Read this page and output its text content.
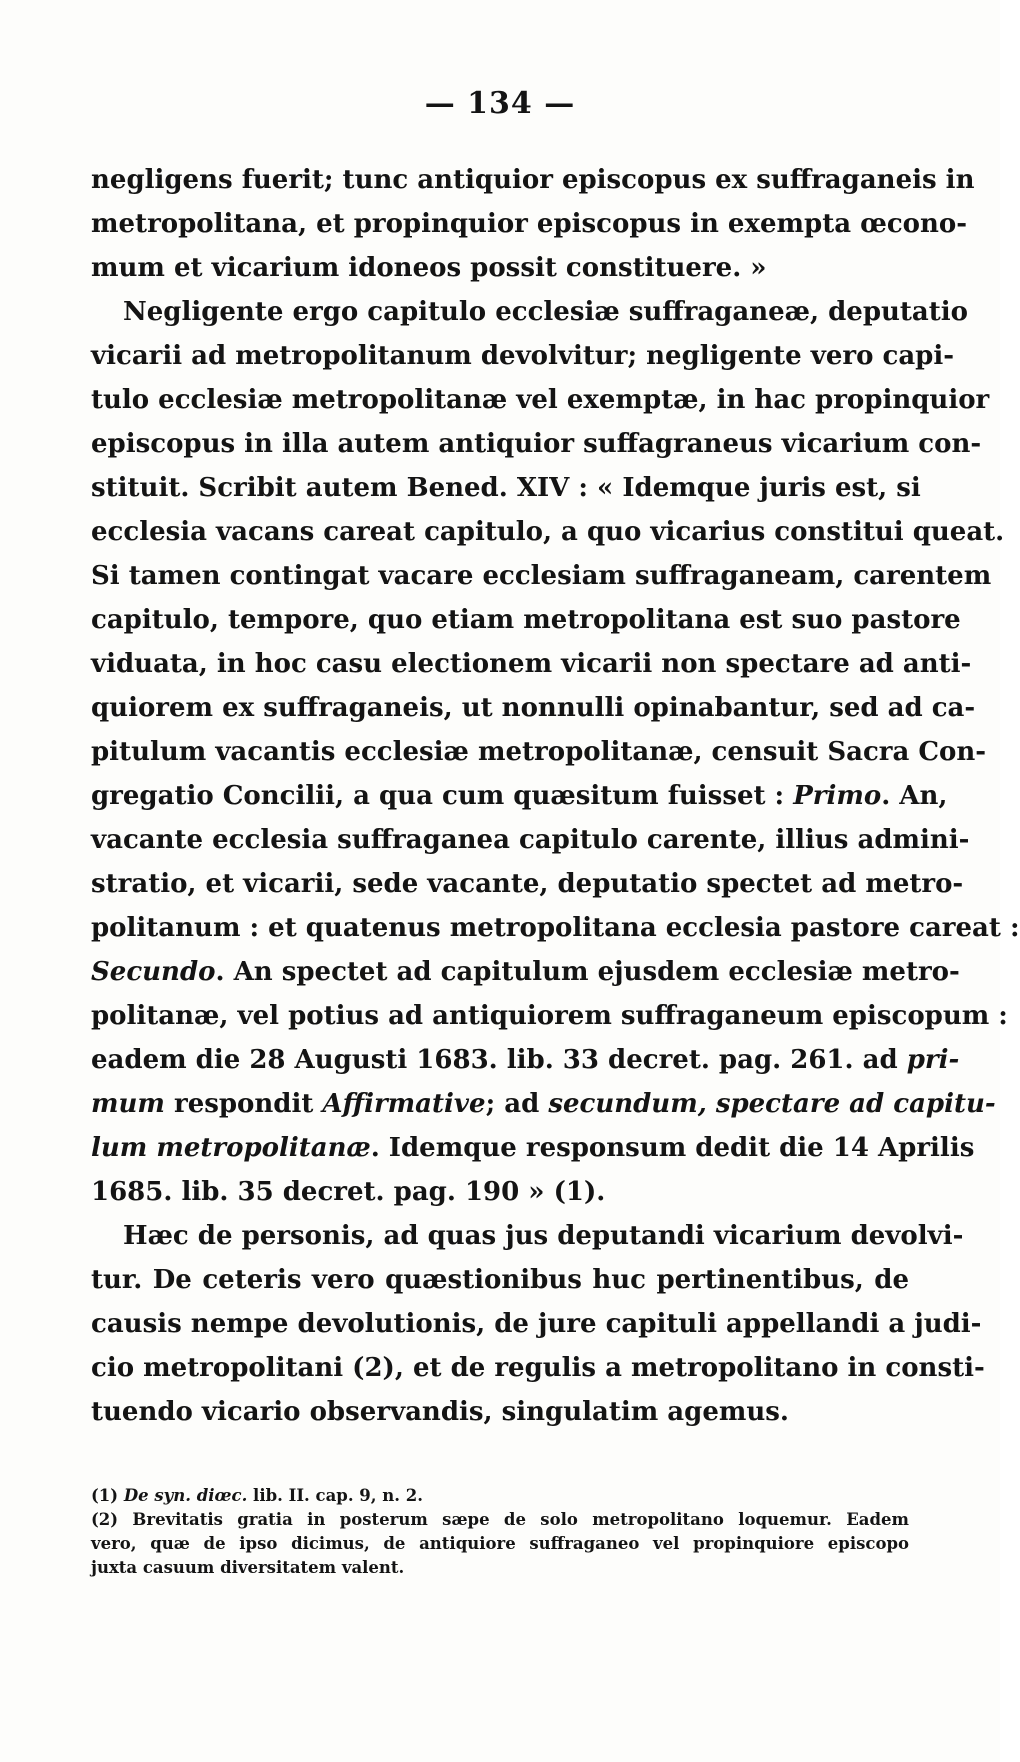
— 134 —
negligens fuerit; tunc antiquior episcopus ex suffraganeis in
metropolitana, et propinquior episcopus in exempta œcono-
mum et vicarium idoneos possit constituere. »
Negligente ergo capitulo ecclesiæ suffraganeæ, deputatio
vicarii ad metropolitanum devolvitur; negligente vero capi-
tulo ecclesiæ metropolitanæ vel exemptæ, in hac propinquior
episcopus in illa autem antiquior suffagraneus vicarium con-
stituit. Scribit autem Bened. XIV : « Idemque juris est, si
ecclesia vacans careat capitulo, a quo vicarius constitui queat.
Si tamen contingat vacare ecclesiam suffraganeam, carentem
capitulo, tempore, quo etiam metropolitana est suo pastore
viduata, in hoc casu electionem vicarii non spectare ad anti-
quiorem ex suffraganeis, ut nonnulli opinabantur, sed ad ca-
pitulum vacantis ecclesiæ metropolitanæ, censuit Sacra Con-
gregatio Concilii, a qua cum quæsitum fuisset : Primo. An,
vacante ecclesia suffraganea capitulo carente, illius admini-
stratio, et vicarii, sede vacante, deputatio spectet ad metro-
politanum : et quatenus metropolitana ecclesia pastore careat :
Secundo. An spectet ad capitulum ejusdem ecclesiæ metro-
politanæ, vel potius ad antiquiorem suffraganeum episcopum :
eadem die 28 Augusti 1683. lib. 33 decret. pag. 261. ad pri-
mum respondit Affirmative; ad secundum, spectare ad capitu-
lum metropolitanæ. Idemque responsum dedit die 14 Aprilis
1685. lib. 35 decret. pag. 190 » (1).
Hæc de personis, ad quas jus deputandi vicarium devolvi-
tur. De ceteris vero quæstionibus huc pertinentibus, de
causis nempe devolutionis, de jure capituli appellandi a judi-
cio metropolitani (2), et de regulis a metropolitano in consti-
tuendo vicario observandis, singulatim agemus.
(1) De syn. diœc. lib. II. cap. 9, n. 2.
(2) Brevitatis gratia in posterum sæpe de solo metropolitano loquemur. Eadem
vero, quæ de ipso dicimus, de antiquiore suffraganeo vel propinquiore episcopo
juxta casuum diversitatem valent.
